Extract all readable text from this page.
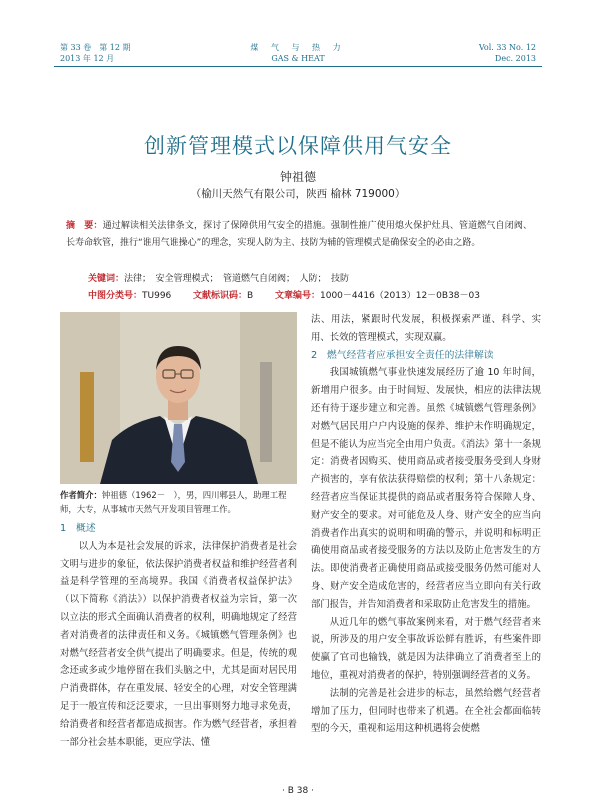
第 33 卷　第 12 期
2013 年 12 月
煤 气 与 热 力
GAS & HEAT
Vol. 33 No. 12
Dec. 2013
创新管理模式以保障供用气安全
钟祖德
（榆川天然气有限公司，陕西 榆林 719000）
摘　要：通过解读相关法律条文，探讨了保障供用气安全的措施。强制性推广使用熄火保护灶具、管道燃气自闭阀、长寿命软管，推行“谁用气谁操心”的理念，实现人防为主、技防为辅的管理模式是确保安全的必由之路。
关键词：法律；　安全管理模式；　管道燃气自闭阀；　人防；　技防
中图分类号：TU996 文献标识码：B 文章编号：1000－4416（2013）12－0B38－03
作者简介：钟祖德（1962－　），男，四川郫县人，助理工程师，大专，从事城市天然气开发项目管理工作。

1　概述

以人为本是社会发展的诉求，法律保护消费者是社会文明与进步的象征，依法保护消费者权益和维护经营者利益是科学管理的至高境界。我国《消费者权益保护法》（以下简称《消法》）以保护消费者权益为宗旨，第一次以立法的形式全面确认消费者的权利，明确地规定了经营者对消费者的法律责任和义务。《城镇燃气管理条例》也对燃气经营者安全供气提出了明确要求。但是，传统的观念还或多或少地停留在我们头脑之中，尤其是面对居民用户消费群体，存在重发展、轻安全的心理，对安全管理满足于一般宣传和泛泛要求，一旦出事则努力地寻求免责，给消费者和经营者都造成损害。作为燃气经营者，承担着一部分社会基本职能，更应学法、懂

法、用法，紧跟时代发展，积极探索严谨、科学、实用、长效的管理模式，实现双赢。

2　燃气经营者应承担安全责任的法律解读

我国城镇燃气事业快速发展经历了逾 10 年时间，新增用户很多。由于时间短、发展快，相应的法律法规还有待于逐步建立和完善。虽然《城镇燃气管理条例》对燃气居民用户户内设施的保养、维护未作明确规定，但是不能认为应当完全由用户负责。《消法》第十一条规定：消费者因购买、使用商品或者接受服务受到人身财产损害的，享有依法获得赔偿的权利；第十八条规定：经营者应当保证其提供的商品或者服务符合保障人身、财产安全的要求。对可能危及人身、财产安全的应当向消费者作出真实的说明和明确的警示，并说明和标明正确使用商品或者接受服务的方法以及防止危害发生的方法。即使消费者正确使用商品或接受服务仍然可能对人身、财产安全造成危害的，经营者应当立即向有关行政部门报告，并告知消费者和采取防止危害发生的措施。

从近几年的燃气事故案例来看，对于燃气经营者来说，所涉及的用户安全事故诉讼鲜有胜诉，有些案件即使赢了官司也输钱，就是因为法律确立了消费者至上的地位，重视对消费者的保护，特别强调经营者的义务。

法制的完善是社会进步的标志，虽然给燃气经营者增加了压力，但同时也带来了机遇。在全社会都面临转型的今天，重视和运用这种机遇将会使燃

· B 38 ·
